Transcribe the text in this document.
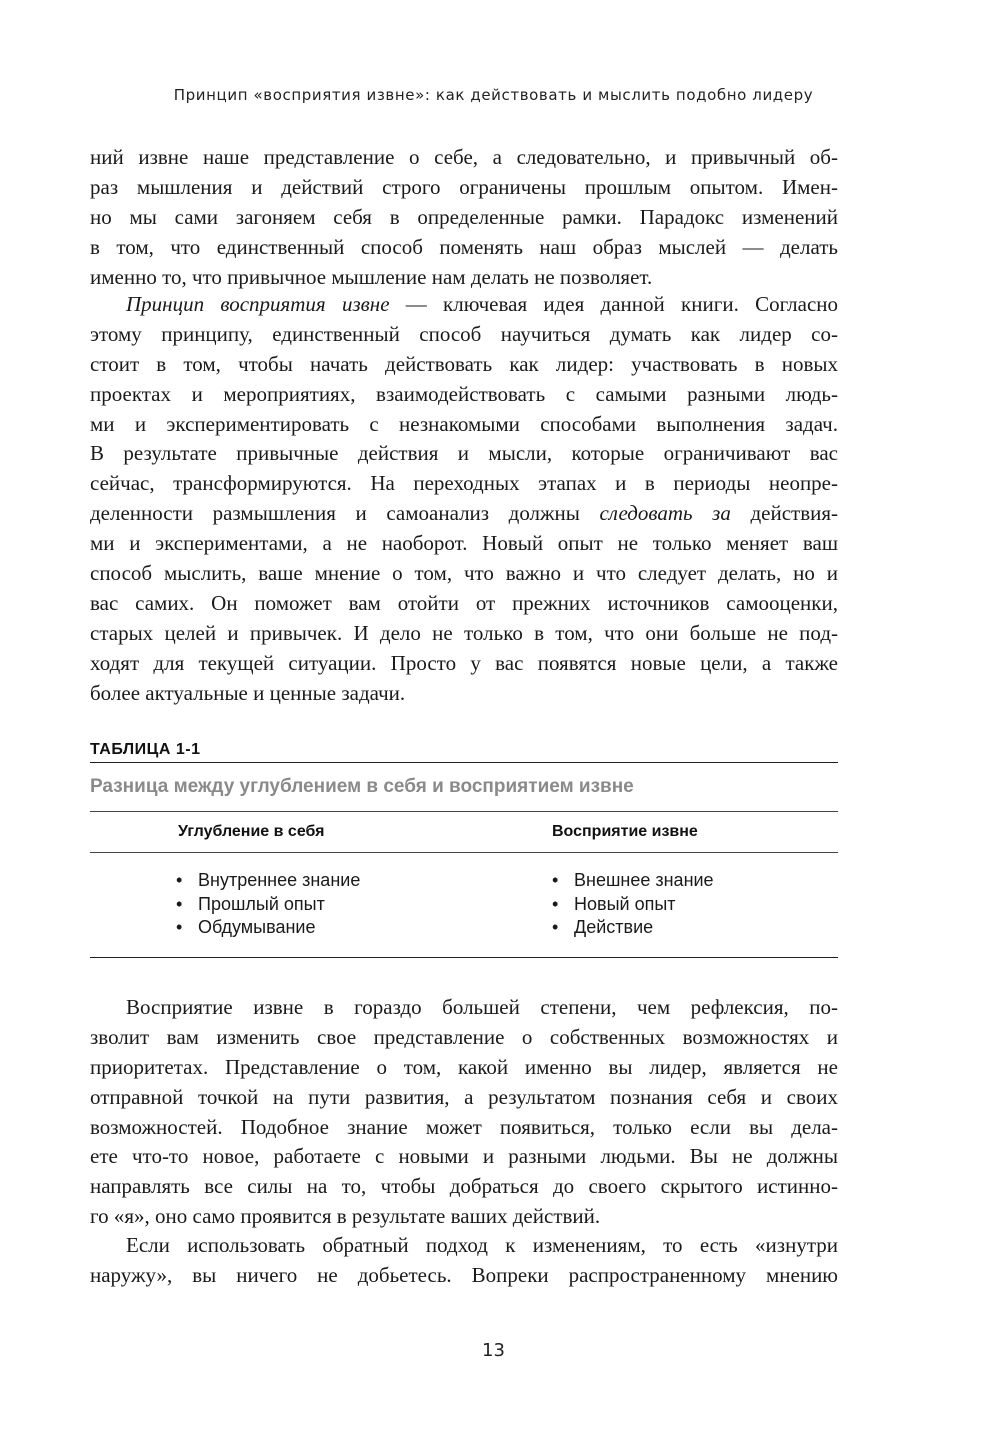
Принцип «восприятия извне»: как действовать и мыслить подобно лидеру
ний извне наше представление о себе, а следовательно, и привычный об-
раз мышления и действий строго ограничены прошлым опытом. Имен-
но мы сами загоняем себя в определенные рамки. Парадокс изменений
в том, что единственный способ поменять наш образ мыслей — делать
именно то, что привычное мышление нам делать не позволяет.
Принцип восприятия извне — ключевая идея данной книги. Согласно
этому принципу, единственный способ научиться думать как лидер со-
стоит в том, чтобы начать действовать как лидер: участвовать в новых
проектах и мероприятиях, взаимодействовать с самыми разными людь-
ми и экспериментировать с незнакомыми способами выполнения задач.
В результате привычные действия и мысли, которые ограничивают вас
сейчас, трансформируются. На переходных этапах и в периоды неопре-
деленности размышления и самоанализ должны следовать за действия-
ми и экспериментами, а не наоборот. Новый опыт не только меняет ваш
способ мыслить, ваше мнение о том, что важно и что следует делать, но и
вас самих. Он поможет вам отойти от прежних источников самооценки,
старых целей и привычек. И дело не только в том, что они больше не под-
ходят для текущей ситуации. Просто у вас появятся новые цели, а также
более актуальные и ценные задачи.
ТАБЛИЦА 1-1
Разница между углублением в себя и восприятием извне
Углубление в себя	Восприятие извне
• Внутреннее знание
• Прошлый опыт
• Обдумывание
• Внешнее знание
• Новый опыт
• Действие
Восприятие извне в гораздо большей степени, чем рефлексия, по-
зволит вам изменить свое представление о собственных возможностях и
приоритетах. Представление о том, какой именно вы лидер, является не
отправной точкой на пути развития, а результатом познания себя и своих
возможностей. Подобное знание может появиться, только если вы дела-
ете что-то новое, работаете с новыми и разными людьми. Вы не должны
направлять все силы на то, чтобы добраться до своего скрытого истинно-
го «я», оно само проявится в результате ваших действий.
Если использовать обратный подход к изменениям, то есть «изнутри
наружу», вы ничего не добьетесь. Вопреки распространенному мнению
13
